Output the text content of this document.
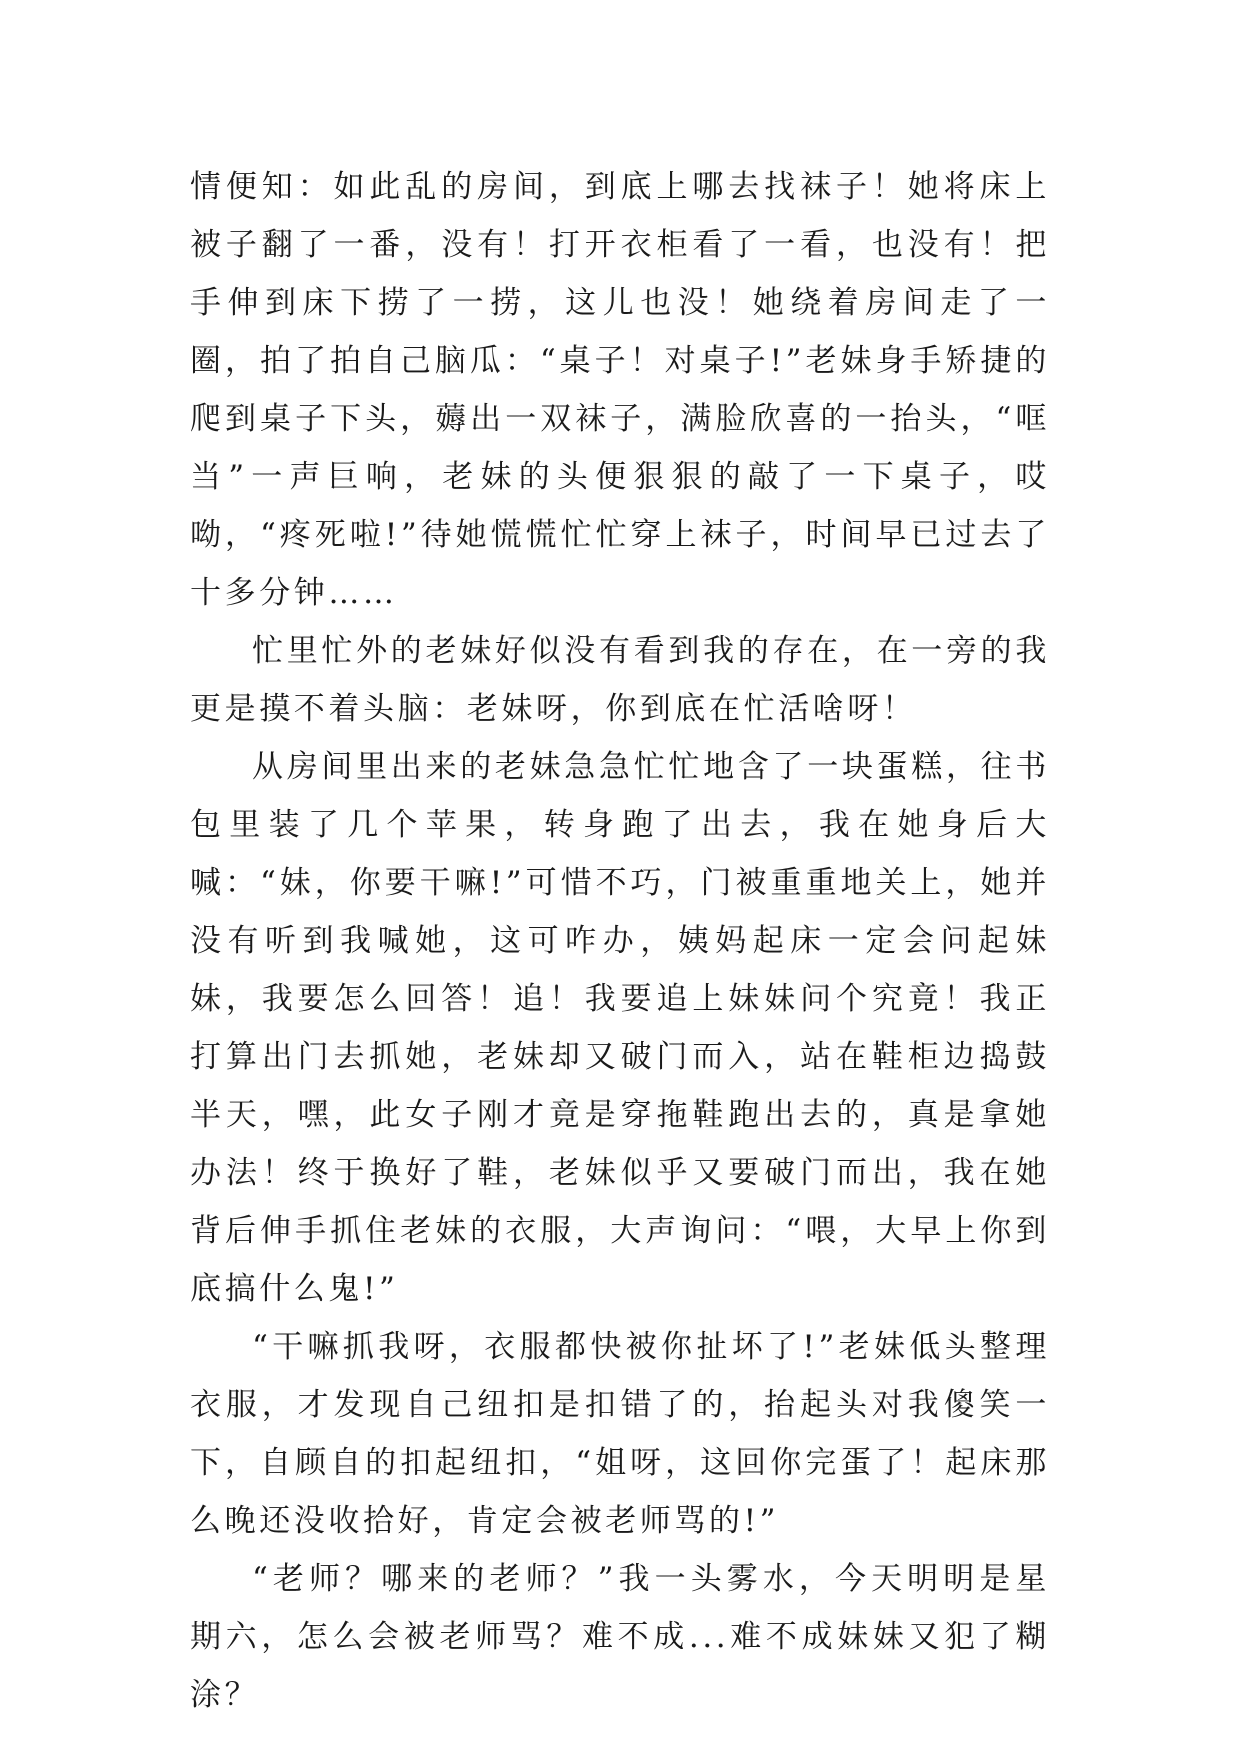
情便知：如此乱的房间，到底上哪去找袜子！她将床上被子翻了一番，没有！打开衣柜看了一看，也没有！把手伸到床下捞了一捞，这儿也没！她绕着房间走了一圈，拍了拍自己脑瓜：“桌子！对桌子!”老妹身手矫捷的爬到桌子下头，薅出一双袜子，满脸欣喜的一抬头，“哐当”一声巨响，老妹的头便狠狠的敲了一下桌子，哎呦，“疼死啦!”待她慌慌忙忙穿上袜子，时间早已过去了十多分钟……

忙里忙外的老妹好似没有看到我的存在，在一旁的我更是摸不着头脑：老妹呀，你到底在忙活啥呀！

从房间里出来的老妹急急忙忙地含了一块蛋糕，往书包里装了几个苹果，转身跑了出去，我在她身后大喊：“妹，你要干嘛!”可惜不巧，门被重重地关上，她并没有听到我喊她，这可咋办，姨妈起床一定会问起妹妹，我要怎么回答！追！我要追上妹妹问个究竟！我正打算出门去抓她，老妹却又破门而入，站在鞋柜边捣鼓半天，嘿，此女子刚才竟是穿拖鞋跑出去的，真是拿她办法！终于换好了鞋，老妹似乎又要破门而出，我在她背后伸手抓住老妹的衣服，大声询问：“喂，大早上你到底搞什么鬼!”

“干嘛抓我呀，衣服都快被你扯坏了!”老妹低头整理衣服，才发现自己纽扣是扣错了的，抬起头对我傻笑一下，自顾自的扣起纽扣，“姐呀，这回你完蛋了！起床那么晚还没收拾好，肯定会被老师骂的!”

“老师？哪来的老师？”我一头雾水，今天明明是星期六，怎么会被老师骂？难不成...难不成妹妹又犯了糊涂？
